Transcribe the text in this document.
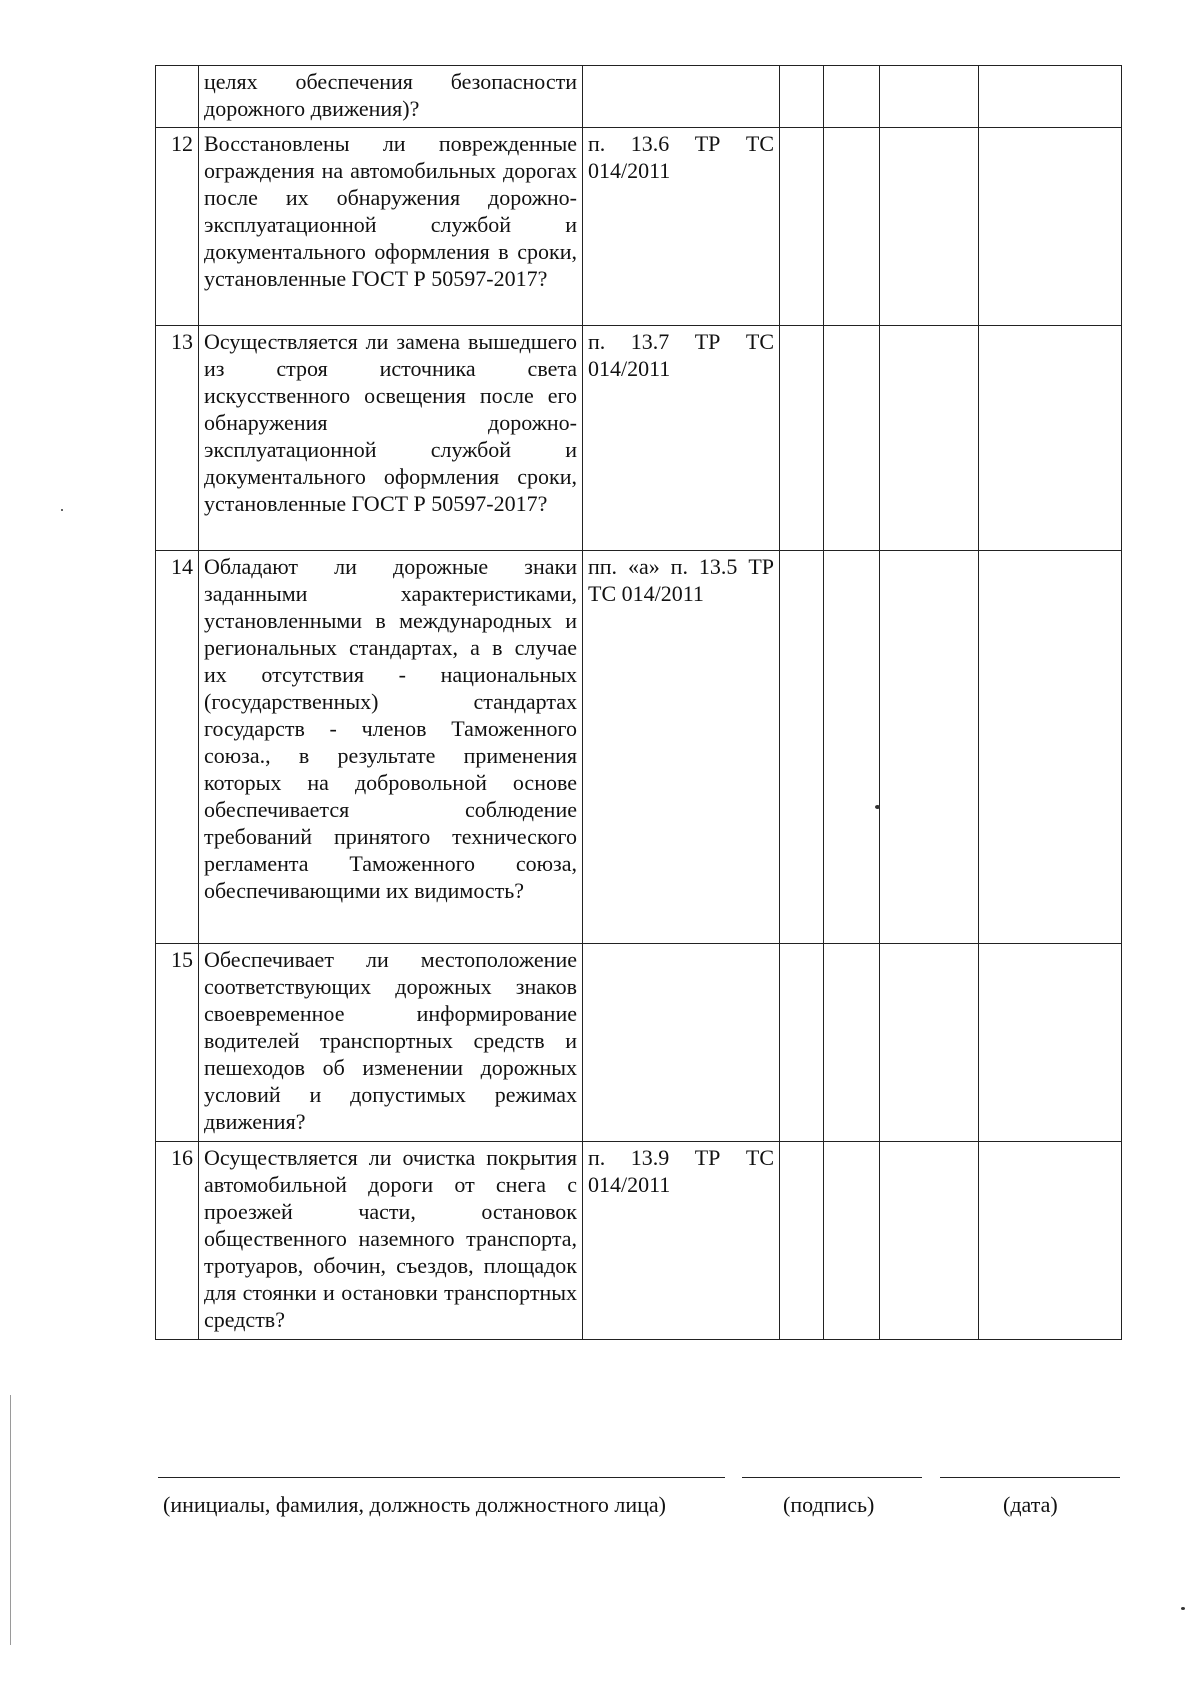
	целях обеспечения безопасности дорожного движения)?					
12	Восстановлены ли поврежденные ограждения на автомобильных дорогах после их обнаружения дорожно-эксплуатационной службой и документального оформления в сроки, установленные ГОСТ Р 50597-2017?	п. 13.6 ТР ТС 014/2011				
13	Осуществляется ли замена вышедшего из строя источника света искусственного освещения после его обнаружения дорожно-эксплуатационной службой и документального оформления сроки, установленные ГОСТ Р 50597-2017?	п. 13.7 ТР ТС 014/2011				
14	Обладают ли дорожные знаки заданными характеристиками, установленными в международных и региональных стандартах, а в случае их отсутствия - национальных (государственных) стандартах государств - членов Таможенного союза., в результате применения которых на добровольной основе обеспечивается соблюдение требований принятого технического регламента Таможенного союза, обеспечивающими их видимость?	пп. «а» п. 13.5 ТР ТС 014/2011				
15	Обеспечивает ли местоположение соответствующих дорожных знаков своевременное информирование водителей транспортных средств и пешеходов об изменении дорожных условий и допустимых режимах движения?					
16	Осуществляется ли очистка покрытия автомобильной дороги от снега с проезжей части, остановок общественного наземного транспорта, тротуаров, обочин, съездов, площадок для стоянки и остановки транспортных средств?	п. 13.9 ТР ТС 014/2011				
(инициалы, фамилия, должность должностного лица)	(подпись)	(дата)
